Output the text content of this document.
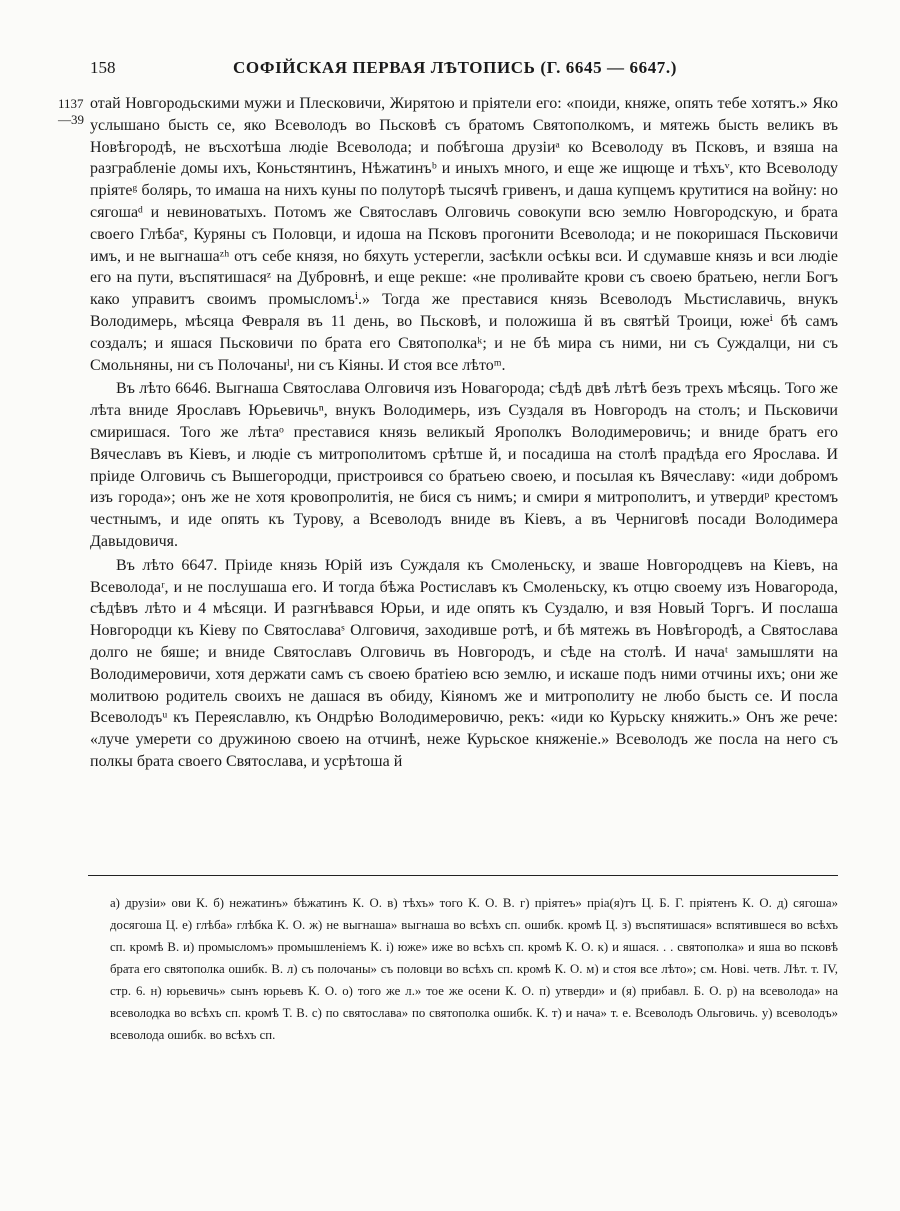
158	СОФІЙСКАЯ ПЕРВАЯ ЛѢТОПИСЬ (Г. 6645 — 6647.)
1137 —39

отай Новгородьскими мужи и Плесковичи, Жирятою и пріятели его: «поиди, княже, опять тебе хотятъ.» Яко услышано бысть се, яко Всеволодъ во Пьсковѣ съ братомъ Святополкомъ, и мятежь бысть великъ въ Новѣгородѣ, не въсхотѣша людіе Всеволода; и побѣгоша друзіиᵃ ко Всеволоду въ Псковъ, и взяша на разграбленіе домы ихъ, Коньстянтинъ, Нѣжатинъᵇ и иныхъ много, и еще же ищюще и тѣхъᵛ, кто Всеволоду пріятеᵍ болярь, то имаша на нихъ куны по полуторѣ тысячѣ гривенъ, и даша купцемъ крутитися на войну: но сягошаᵈ и невиноватыхъ. Потомъ же Святославъ Олговичь совокупи всю землю Новгородскую, и брата своего Глѣбаᵉ, Куряны съ Половци, и идоша на Псковъ прогонити Всеволода; и не покоришася Пьсковичи имъ, и не выгнашаᶻʰ отъ себе князя, но бяхуть устерегли, засѣкли осѣкы вси. И сдумавше князь и вси людіе его на пути, въспятишасяᶻ на Дубровнѣ, и еще рекше: «не проливайте крови съ своею братьею, негли Богъ како управитъ своимъ промысломъⁱ.» Тогда же преставися князь Всеволодъ Мьстиславичь, внукъ Володимерь, мѣсяца Февраля въ 11 день, во Пьсковѣ, и положиша й въ святѣй Троици, южеⁱ бѣ самъ создалъ; и яшася Пьсковичи по брата его Святополкаᵏ; и не бѣ мира съ ними, ни съ Суждалци, ни съ Смольняны, ни съ Полочаныˡ, ни съ Кіяны. И стоя все лѣтоᵐ.

Въ лѣто 6646. Выгнаша Святослава Олговичя изъ Новагорода; сѣдѣ двѣ лѣтѣ безъ трехъ мѣсяць. Того же лѣта вниде Ярославъ Юрьевичьⁿ, внукъ Володимерь, изъ Суздаля въ Новгородъ на столъ; и Пьсковичи смиришася. Того же лѣтаᵒ преставися князь великый Ярополкъ Володимеровичь; и вниде братъ его Вячеславъ въ Кіевъ, и людіе съ митрополитомъ срѣтше й, и посадиша на столѣ прадѣда его Ярослава. И пріиде Олговичь съ Вышегородци, пристроився со братьею своею, и посылая къ Вячеславу: «иди добромъ изъ города»; онъ же не хотя кровопролитія, не бися съ нимъ; и смири я митрополитъ, и утвердиᵖ крестомъ честнымъ, и иде опять къ Турову, а Всеволодъ вниде въ Кіевъ, а въ Черниговѣ посади Володимера Давыдовичя.

Въ лѣто 6647. Пріиде князь Юрій изъ Суждаля къ Смоленьску, и зваше Новгородцевъ на Кіевъ, на Всеволодаʳ, и не послушаша его. И тогда бѣжа Ростиславъ къ Смоленьску, къ отцю своему изъ Новагорода, сѣдѣвъ лѣто и 4 мѣсяци. И разгнѣвався Юрьи, и иде опять къ Суздалю, и взя Новый Торгъ. И послаша Новгородци къ Кіеву по Святославаˢ Олговичя, заходивше ротѣ, и бѣ мятежь въ Новѣгородѣ, а Святослава долго не бяше; и вниде Святославъ Олговичь въ Новгородъ, и сѣде на столѣ. И начаᵗ замышляти на Володимеровичи, хотя держати самъ съ своею братіею всю землю, и искаше подъ ними отчины ихъ; они же молитвою родитель своихъ не дашася въ обиду, Кіяномъ же и митрополиту не любо бысть се. И посла Всеволодъᵘ къ Переяславлю, къ Ондрѣю Володимеровичю, рекъ: «иди ко Курьску княжить.» Онъ же рече: «луче умерети со дружиною своею на отчинѣ, неже Курьское княженіе.» Всеволодъ же посла на него съ полкы брата своего Святослава, и усрѣтоша й

а) друзіи» ови К. б) нежатинъ» бѣжатинъ К. О. в) тѣхъ» того К. О. В. г) пріятеъ» пріа(я)тъ Ц. Б. Г. пріятенъ К. О. д) сягоша» досягоша Ц. е) глѣба» глѣбка К. О. ж) не выгнаша» выгнаша во всѣхъ сп. ошибк. кромѣ Ц. з) въспятишася» вспятившеся во всѣхъ сп. кромѣ В. и) промысломъ» промышленіемъ К. і) юже» иже во всѣхъ сп. кромѣ К. О. к) и яшася. . . святополка» и яша во псковѣ брата его святополка ошибк. В. л) съ полочаны» съ половци во всѣхъ сп. кромѣ К. О. м) и стоя все лѣто»; см. Нові. четв. Лѣт. т. IV, стр. 6. н) юрьевичь» сынъ юрьевъ К. О. о) того же л.» тое же осени К. О. п) утверди» и (я) прибавл. Б. О. р) на всеволода» на всеволодка во всѣхъ сп. кромѣ Т. В. с) по святослава» по святополка ошибк. К. т) и нача» т. е. Всеволодъ Ольговичь. у) всеволодъ» всеволода ошибк. во всѣхъ сп.
